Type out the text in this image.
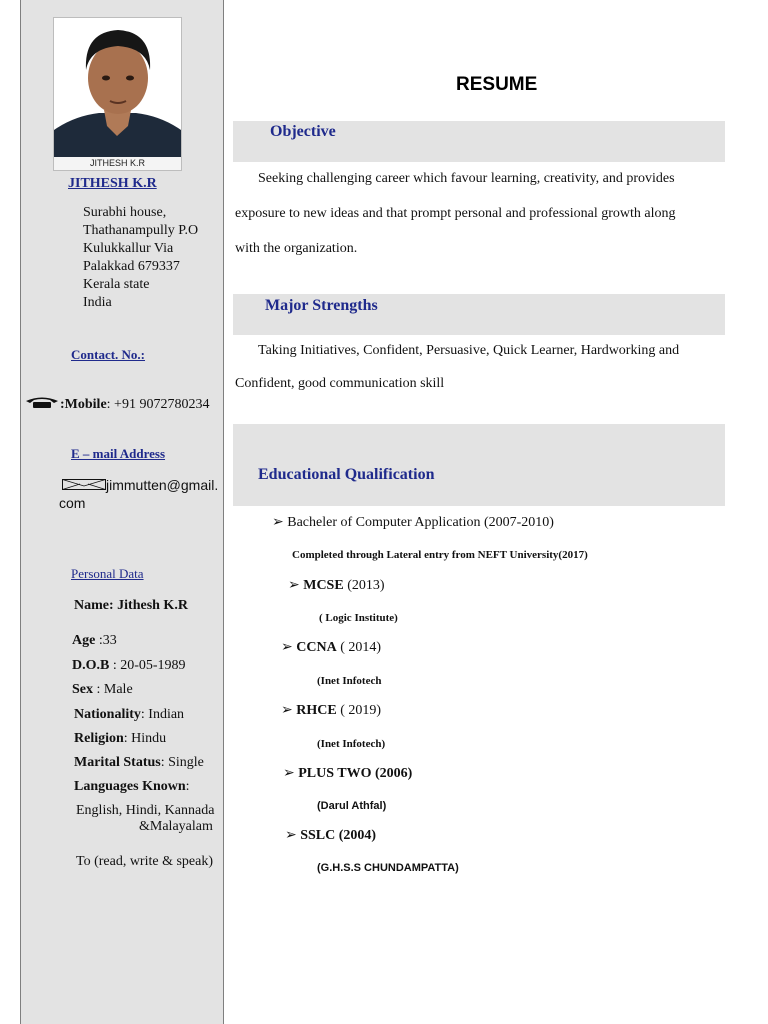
JITHESH K.R
JITHESH K.R
Surabhi house,
Thathanampully P.O
Kulukkallur Via
Palakkad 679337
Kerala state
India
Contact. No.:
:Mobile: +91 9072780234
E – mail Address
jimmutten@gmail.
com
Personal Data
Name: Jithesh K.R
Age :33
D.O.B : 20-05-1989
Sex : Male
Nationality: Indian
Religion: Hindu
Marital Status: Single
Languages Known:
English, Hindi, Kannada
&Malayalam
To (read, write & speak)
RESUME
Objective
Seeking challenging career which favour learning, creativity, and provides
exposure to new ideas and that prompt personal and professional growth along
with the organization.
Major Strengths
Taking Initiatives, Confident, Persuasive, Quick Learner, Hardworking and
Confident, good communication skill
Educational Qualification
➢ Bacheler of Computer Application (2007-2010)
Completed through Lateral entry from NEFT University(2017)
➢ MCSE (2013)
( Logic Institute)
➢ CCNA ( 2014)
(Inet Infotech
➢ RHCE ( 2019)
(Inet Infotech)
➢ PLUS TWO (2006)
(Darul Athfal)
➢ SSLC (2004)
(G.H.S.S CHUNDAMPATTA)
